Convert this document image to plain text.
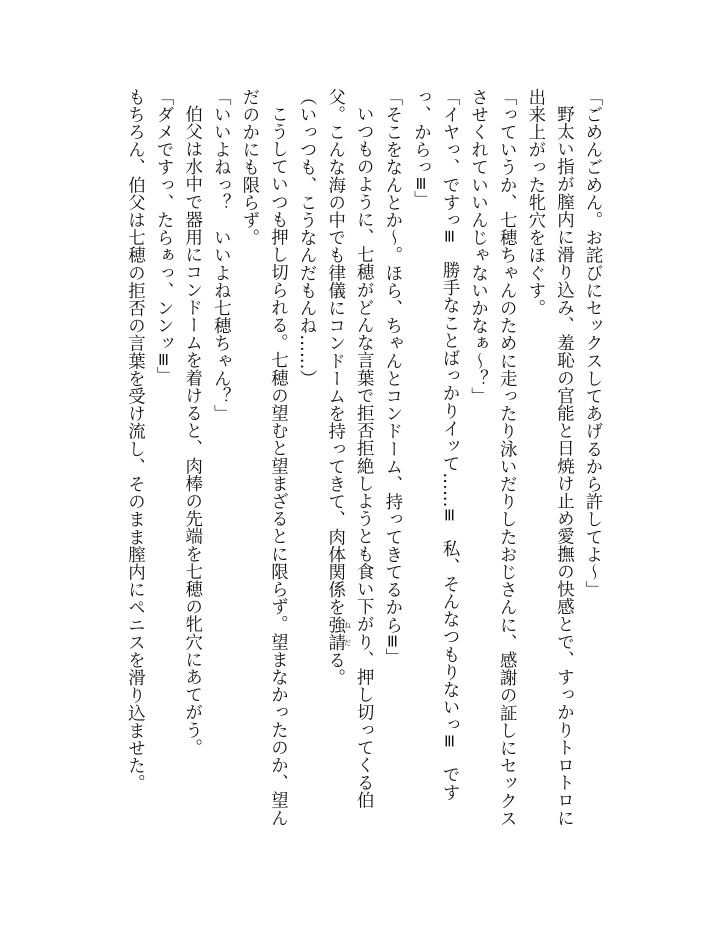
「ごめんごめん。お詫びにセックスしてあげるから許してよ〜」

野太い指が膣内に滑り込み、羞恥の官能と日焼け止め愛撫の快感とで、すっかりトロトロに出来上がった牝穴をほぐす。

「っていうか、七穂ちゃんのために走ったり泳いだりしたおじさんに、感謝の証しにセックスさせくれていいんじゃないかなぁ〜？」

「イヤっ、ですっ≡　勝手なことばっかりイッて……≡　私、そんなつもりないっ≡　ですっ、からっ≡」

「そこをなんとか〜。ほら、ちゃんとコンドーム、持ってきてるから≡」

いつものように、七穂がどんな言葉で拒否拒絶しようとも食い下がり、押し切ってくる伯父。こんな海の中でも律儀にコンドームを持ってきて、肉体関係を強請 ねだる。

（いっつも、こうなんだもんね……）

こうしていつも押し切られる。七穂の望むと望まざるとに限らず。望まなかったのか、望んだのかにも限らず。

「いいよねっ？　いいよね七穂ちゃん？」

伯父は水中で器用にコンドームを着けると、肉棒の先端を七穂の牝穴にあてがう。

「ダメですっ、たらぁっ、ンンッ≡」

もちろん、伯父は七穂の拒否の言葉を受け流し、そのまま膣内にペニスを滑り込ませた。
